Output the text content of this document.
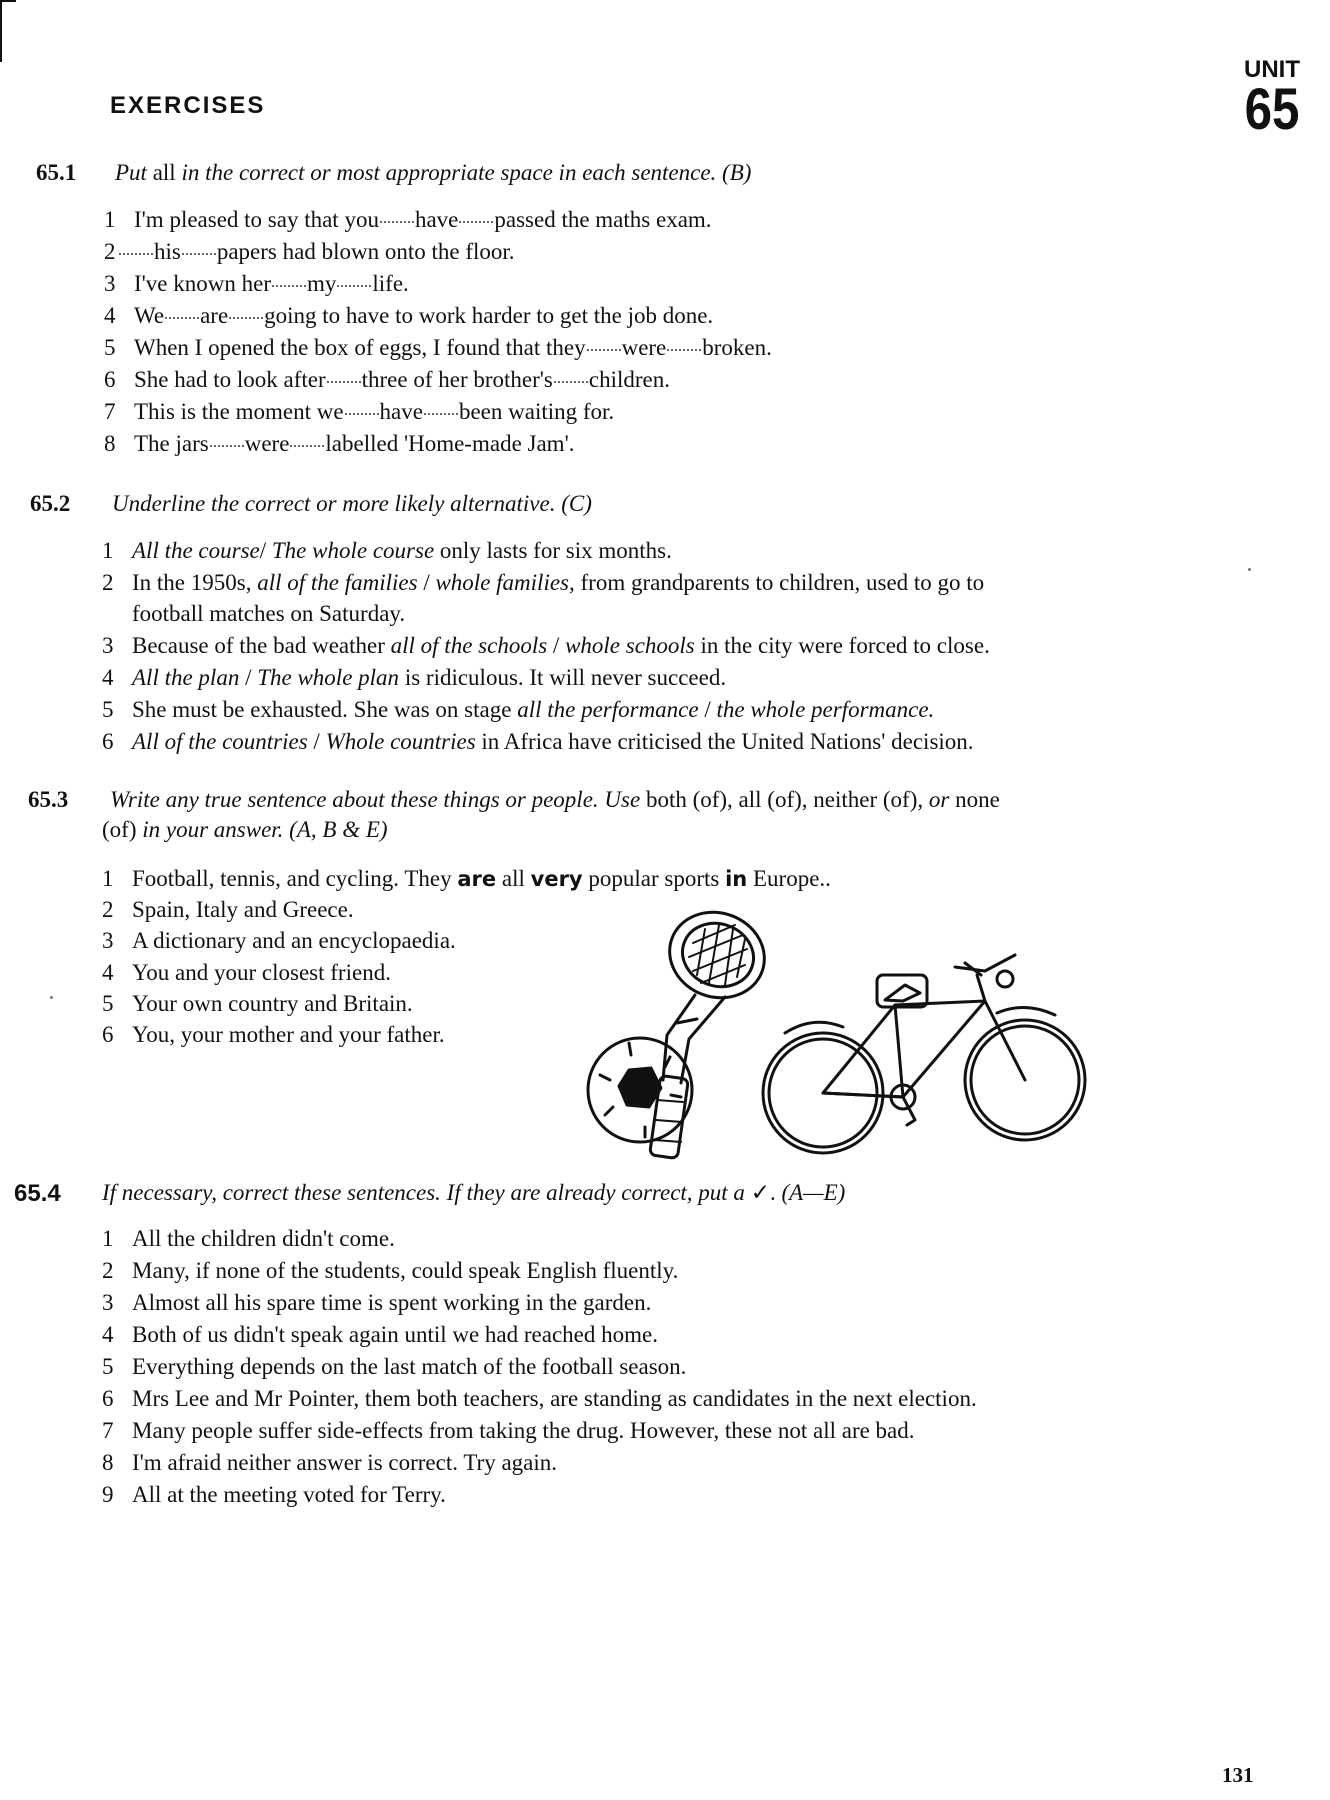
EXERCISES
UNIT
65
65.1 Put all in the correct or most appropriate space in each sentence. (B)
1 I'm pleased to say that you have passed the maths exam.
2 his papers had blown onto the floor.
3 I've known her my life.
4 We are going to have to work harder to get the job done.
5 When I opened the box of eggs, I found that they were broken.
6 She had to look after three of her brother's children.
7 This is the moment we have been waiting for.
8 The jars were labelled 'Home-made Jam'.
65.2 Underline the correct or more likely alternative. (C)
1 All the course/ The whole course only lasts for six months.
2 In the 1950s, all of the families / whole families, from grandparents to children, used to go to
football matches on Saturday.
3 Because of the bad weather all of the schools / whole schools in the city were forced to close.
4 All the plan / The whole plan is ridiculous. It will never succeed.
5 She must be exhausted. She was on stage all the performance / the whole performance.
6 All of the countries / Whole countries in Africa have criticised the United Nations' decision.
65.3 Write any true sentence about these things or people. Use both (of), all (of), neither (of), or none
(of) in your answer. (A, B & E)
1 Football, tennis, and cycling. They are all very popular sports in Europe..
2 Spain, Italy and Greece.
3 A dictionary and an encyclopaedia.
4 You and your closest friend.
5 Your own country and Britain.
6 You, your mother and your father.
65.4 If necessary, correct these sentences. If they are already correct, put a ✓. (A—E)
1 All the children didn't come.
2 Many, if none of the students, could speak English fluently.
3 Almost all his spare time is spent working in the garden.
4 Both of us didn't speak again until we had reached home.
5 Everything depends on the last match of the football season.
6 Mrs Lee and Mr Pointer, them both teachers, are standing as candidates in the next election.
7 Many people suffer side-effects from taking the drug. However, these not all are bad.
8 I'm afraid neither answer is correct. Try again.
9 All at the meeting voted for Terry.
131
